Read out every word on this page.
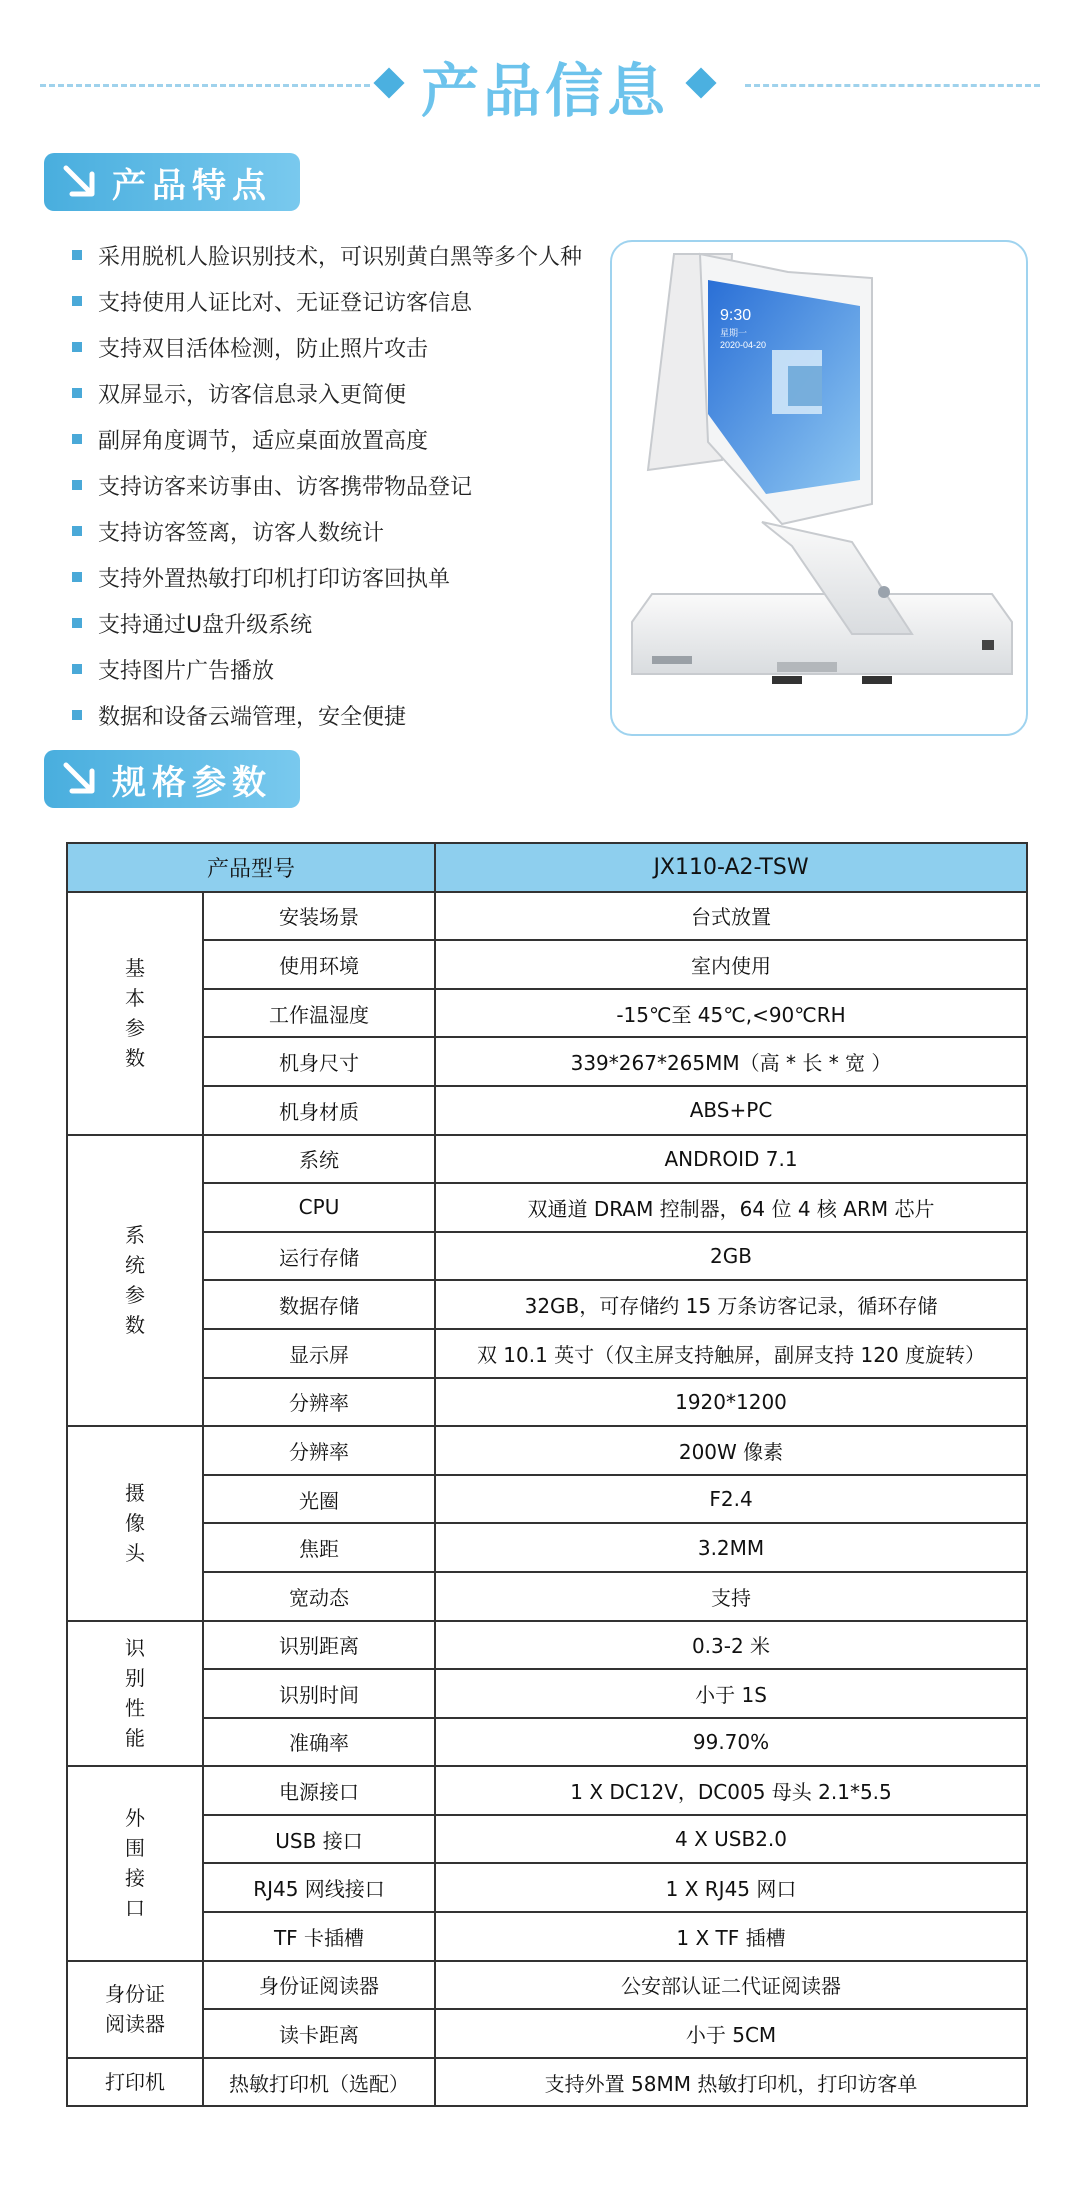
产品信息
产品特点
采用脱机人脸识别技术，可识别黄白黑等多个人种
支持使用人证比对、无证登记访客信息
支持双目活体检测，防止照片攻击
双屏显示，访客信息录入更简便
副屏角度调节，适应桌面放置高度
支持访客来访事由、访客携带物品登记
支持访客签离，访客人数统计
支持外置热敏打印机打印访客回执单
支持通过U盘升级系统
支持图片广告播放
数据和设备云端管理，安全便捷
9:30
星期一
2020-04-20
规格参数
产品型号		JX110-A2-TSW
基本参数	安装场景	台式放置
	使用环境	室内使用
	工作温湿度	-15℃至 45℃,<90℃RH
	机身尺寸	339*267*265MM（高 * 长 * 宽 ）
	机身材质	ABS+PC
系统参数	系统	ANDROID 7.1
	CPU	双通道 DRAM 控制器，64 位 4 核 ARM 芯片
	运行存储	2GB
	数据存储	32GB，可存储约 15 万条访客记录，循环存储
	显示屏	双 10.1 英寸（仅主屏支持触屏，副屏支持 120 度旋转）
	分辨率	1920*1200
摄像头	分辨率	200W 像素
	光圈	F2.4
	焦距	3.2MM
	宽动态	支持
识别性能	识别距离	0.3-2 米
	识别时间	小于 1S
	准确率	99.70%
外围接口	电源接口	1 X DC12V，DC005 母头 2.1*5.5
	USB 接口	4 X USB2.0
	RJ45 网线接口	1 X RJ45 网口
	TF 卡插槽	1 X TF 插槽
身份证阅读器	身份证阅读器	公安部认证二代证阅读器
	读卡距离	小于 5CM
打印机	热敏打印机（选配）	支持外置 58MM 热敏打印机，打印访客单
